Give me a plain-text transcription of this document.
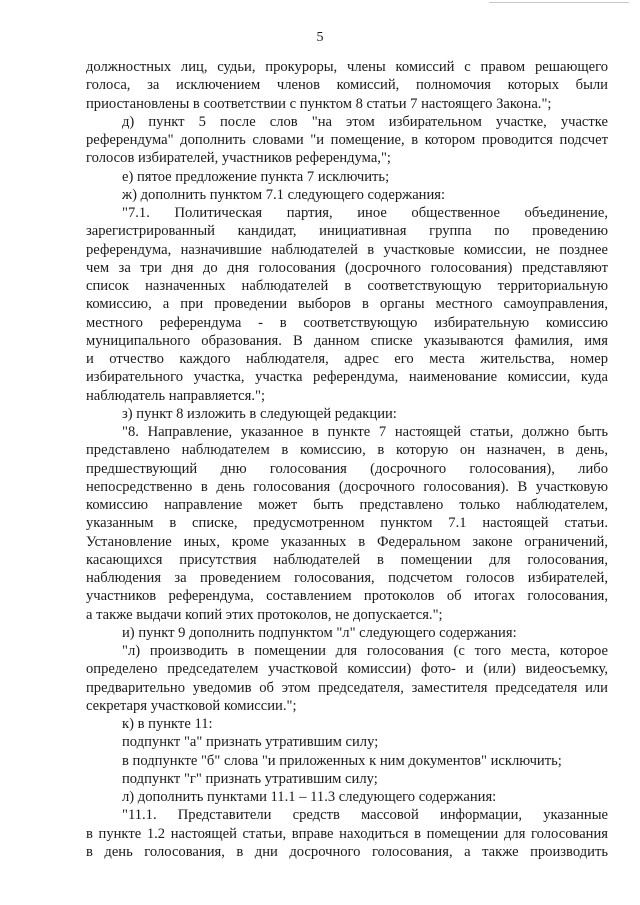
5
должностных лиц, судьи, прокуроры, члены комиссий с правом решающего
голоса, за исключением членов комиссий, полномочия которых были
приостановлены в соответствии с пунктом 8 статьи 7 настоящего Закона.";
д) пункт 5 после слов "на этом избирательном участке, участке
референдума" дополнить словами "и помещение, в котором проводится подсчет
голосов избирателей, участников референдума,";
е) пятое предложение пункта 7 исключить;
ж) дополнить пунктом 7.1 следующего содержания:
"7.1. Политическая партия, иное общественное объединение,
зарегистрированный кандидат, инициативная группа по проведению
референдума, назначившие наблюдателей в участковые комиссии, не позднее
чем за три дня до дня голосования (досрочного голосования) представляют
список назначенных наблюдателей в соответствующую территориальную
комиссию, а при проведении выборов в органы местного самоуправления,
местного референдума - в соответствующую избирательную комиссию
муниципального образования. В данном списке указываются фамилия, имя
и отчество каждого наблюдателя, адрес его места жительства, номер
избирательного участка, участка референдума, наименование комиссии, куда
наблюдатель направляется.";
з) пункт 8 изложить в следующей редакции:
"8. Направление, указанное в пункте 7 настоящей статьи, должно быть
представлено наблюдателем в комиссию, в которую он назначен, в день,
предшествующий дню голосования (досрочного голосования), либо
непосредственно в день голосования (досрочного голосования). В участковую
комиссию направление может быть представлено только наблюдателем,
указанным в списке, предусмотренном пунктом 7.1 настоящей статьи.
Установление иных, кроме указанных в Федеральном законе ограничений,
касающихся присутствия наблюдателей в помещении для голосования,
наблюдения за проведением голосования, подсчетом голосов избирателей,
участников референдума, составлением протоколов об итогах голосования,
а также выдачи копий этих протоколов, не допускается.";
и) пункт 9 дополнить подпунктом "л" следующего содержания:
"л) производить в помещении для голосования (с того места, которое
определено председателем участковой комиссии) фото- и (или) видеосъемку,
предварительно уведомив об этом председателя, заместителя председателя или
секретаря участковой комиссии.";
к) в пункте 11:
подпункт "а" признать утратившим силу;
в подпункте "б" слова "и приложенных к ним документов" исключить;
подпункт "г" признать утратившим силу;
л) дополнить пунктами 11.1 – 11.3 следующего содержания:
"11.1. Представители средств массовой информации, указанные
в пункте 1.2 настоящей статьи, вправе находиться в помещении для голосования
в день голосования, в дни досрочного голосования, а также производить
